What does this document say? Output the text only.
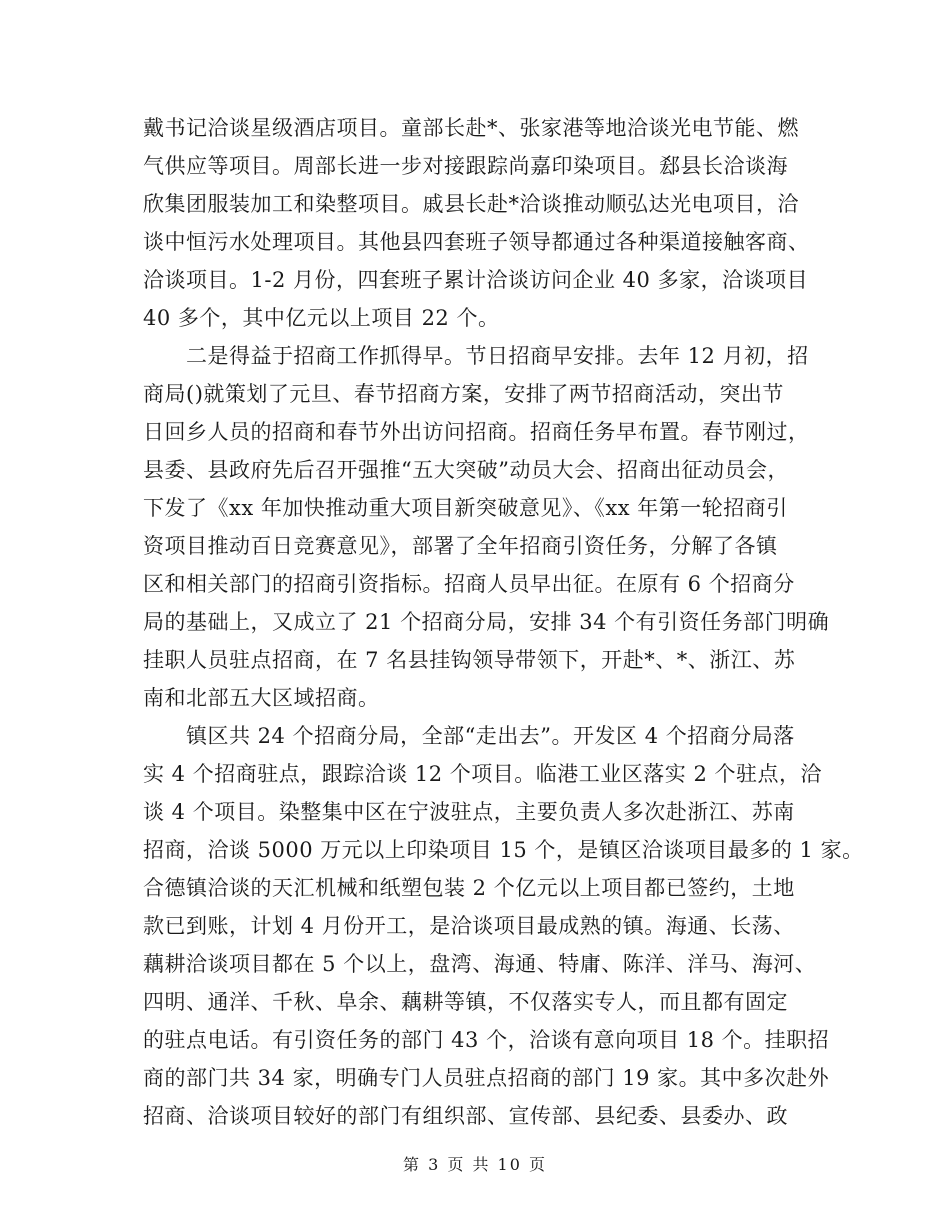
戴书记洽谈星级酒店项目。童部长赴*、张家港等地洽谈光电节能、燃
气供应等项目。周部长进一步对接跟踪尚嘉印染项目。郄县长洽谈海
欣集团服装加工和染整项目。戚县长赴*洽谈推动顺弘达光电项目，洽
谈中恒污水处理项目。其他县四套班子领导都通过各种渠道接触客商、
洽谈项目。1-2 月份，四套班子累计洽谈访问企业 40 多家，洽谈项目
40 多个，其中亿元以上项目 22 个。
　　二是得益于招商工作抓得早。节日招商早安排。去年 12 月初，招
商局()就策划了元旦、春节招商方案，安排了两节招商活动，突出节
日回乡人员的招商和春节外出访问招商。招商任务早布置。春节刚过，
县委、县政府先后召开强推“五大突破”动员大会、招商出征动员会，
下发了《xx 年加快推动重大项目新突破意见》、《xx 年第一轮招商引
资项目推动百日竞赛意见》，部署了全年招商引资任务，分解了各镇
区和相关部门的招商引资指标。招商人员早出征。在原有 6 个招商分
局的基础上，又成立了 21 个招商分局，安排 34 个有引资任务部门明确
挂职人员驻点招商，在 7 名县挂钩领导带领下，开赴*、*、浙江、苏
南和北部五大区域招商。
　　镇区共 24 个招商分局，全部“走出去”。开发区 4 个招商分局落
实 4 个招商驻点，跟踪洽谈 12 个项目。临港工业区落实 2 个驻点，洽
谈 4 个项目。染整集中区在宁波驻点，主要负责人多次赴浙江、苏南
招商，洽谈 5000 万元以上印染项目 15 个，是镇区洽谈项目最多的 1 家。
合德镇洽谈的天汇机械和纸塑包装 2 个亿元以上项目都已签约，土地
款已到账，计划 4 月份开工，是洽谈项目最成熟的镇。海通、长荡、
藕耕洽谈项目都在 5 个以上，盘湾、海通、特庸、陈洋、洋马、海河、
四明、通洋、千秋、阜余、藕耕等镇，不仅落实专人，而且都有固定
的驻点电话。有引资任务的部门 43 个，洽谈有意向项目 18 个。挂职招
商的部门共 34 家，明确专门人员驻点招商的部门 19 家。其中多次赴外
招商、洽谈项目较好的部门有组织部、宣传部、县纪委、县委办、政
第 3 页 共 10 页
